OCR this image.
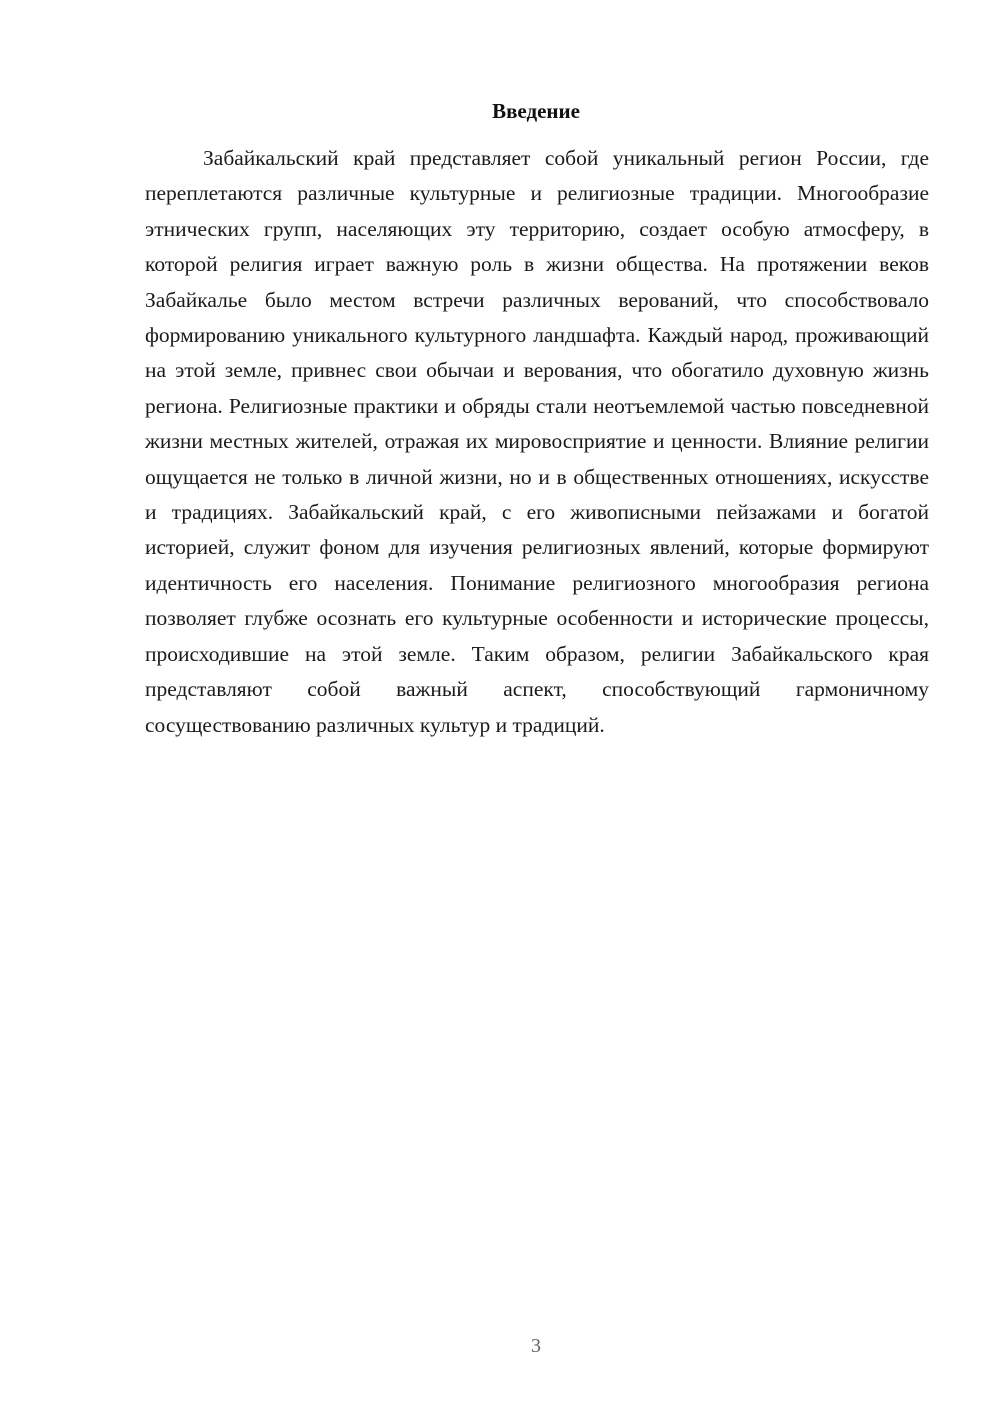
Введение

Забайкальский край представляет собой уникальный регион России, где переплетаются различные культурные и религиозные традиции. Многообразие этнических групп, населяющих эту территорию, создает особую атмосферу, в которой религия играет важную роль в жизни общества. На протяжении веков Забайкалье было местом встречи различных верований, что способствовало формированию уникального культурного ландшафта. Каждый народ, проживающий на этой земле, привнес свои обычаи и верования, что обогатило духовную жизнь региона. Религиозные практики и обряды стали неотъемлемой частью повседневной жизни местных жителей, отражая их мировосприятие и ценности. Влияние религии ощущается не только в личной жизни, но и в общественных отношениях, искусстве и традициях. Забайкальский край, с его живописными пейзажами и богатой историей, служит фоном для изучения религиозных явлений, которые формируют идентичность его населения. Понимание религиозного многообразия региона позволяет глубже осознать его культурные особенности и исторические процессы, происходившие на этой земле. Таким образом, религии Забайкальского края представляют собой важный аспект, способствующий гармоничному сосуществованию различных культур и традиций.

3
